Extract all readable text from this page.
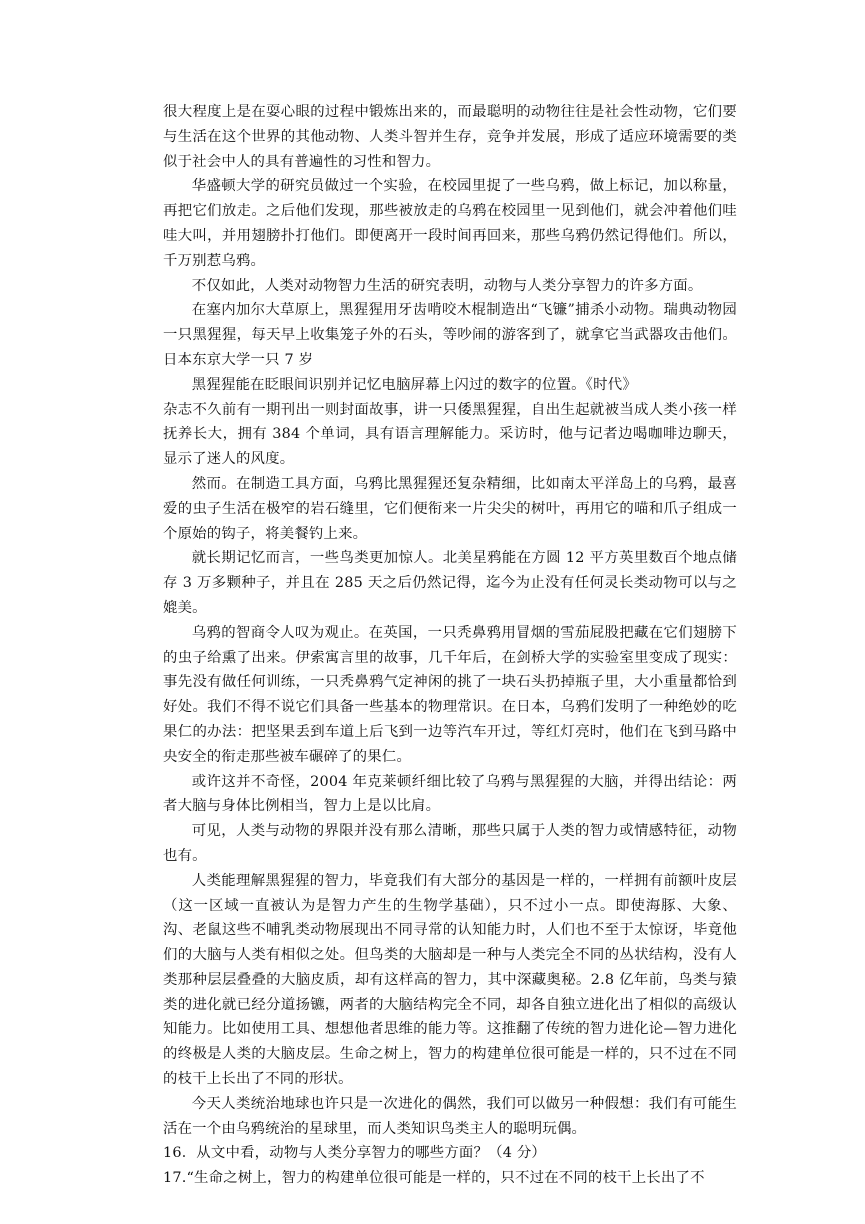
很大程度上是在耍心眼的过程中锻炼出来的，而最聪明的动物往往是社会性动物，它们要与生活在这个世界的其他动物、人类斗智并生存，竞争并发展，形成了适应环境需要的类似于社会中人的具有普遍性的习性和智力。

华盛顿大学的研究员做过一个实验，在校园里捉了一些乌鸦，做上标记，加以称量，再把它们放走。之后他们发现，那些被放走的乌鸦在校园里一见到他们，就会冲着他们哇哇大叫，并用翅膀扑打他们。即便离开一段时间再回来，那些乌鸦仍然记得他们。所以，千万别惹乌鸦。

不仅如此，人类对动物智力生活的研究表明，动物与人类分享智力的许多方面。

在塞内加尔大草原上，黑猩猩用牙齿啃咬木棍制造出“飞镰”捕杀小动物。瑞典动物园一只黑猩猩，每天早上收集笼子外的石头，等吵闹的游客到了，就拿它当武器攻击他们。日本东京大学一只 7 岁

黑猩猩能在眨眼间识别并记忆电脑屏幕上闪过的数字的位置。《时代》

杂志不久前有一期刊出一则封面故事，讲一只倭黑猩猩，自出生起就被当成人类小孩一样抚养长大，拥有 384 个单词，具有语言理解能力。采访时，他与记者边喝咖啡边聊天，显示了迷人的风度。

然而。在制造工具方面，乌鸦比黑猩猩还复杂精细，比如南太平洋岛上的乌鸦，最喜爱的虫子生活在极窄的岩石缝里，它们便衔来一片尖尖的树叶，再用它的喵和爪子组成一个原始的钩子，将美餐钓上来。

就长期记忆而言，一些鸟类更加惊人。北美星鸦能在方圆 12 平方英里数百个地点储存 3 万多颗种子，并且在 285 天之后仍然记得，迄今为止没有任何灵长类动物可以与之媲美。

乌鸦的智商令人叹为观止。在英国，一只秃鼻鸦用冒烟的雪茄屁股把藏在它们翅膀下的虫子给熏了出来。伊索寓言里的故事，几千年后，在剑桥大学的实验室里变成了现实：事先没有做任何训练，一只秃鼻鸦气定神闲的挑了一块石头扔掉瓶子里，大小重量都恰到好处。我们不得不说它们具备一些基本的物理常识。在日本，乌鸦们发明了一种绝妙的吃果仁的办法：把坚果丢到车道上后飞到一边等汽车开过，等红灯亮时，他们在飞到马路中央安全的衔走那些被车碾碎了的果仁。

或许这并不奇怪，2004 年克莱顿纤细比较了乌鸦与黑猩猩的大脑，并得出结论：两者大脑与身体比例相当，智力上是以比肩。

可见，人类与动物的界限并没有那么清晰，那些只属于人类的智力或情感特征，动物也有。

人类能理解黑猩猩的智力，毕竟我们有大部分的基因是一样的，一样拥有前额叶皮层（这一区域一直被认为是智力产生的生物学基础），只不过小一点。即使海豚、大象、沟、老鼠这些不哺乳类动物展现出不同寻常的认知能力时，人们也不至于太惊讶，毕竟他们的大脑与人类有相似之处。但鸟类的大脑却是一种与人类完全不同的丛状结构，没有人类那种层层叠叠的大脑皮质，却有这样高的智力，其中深藏奥秘。2.8 亿年前，鸟类与猿类的进化就已经分道扬镳，两者的大脑结构完全不同，却各自独立进化出了相似的高级认知能力。比如使用工具、想想他者思维的能力等。这推翻了传统的智力进化论—智力进化的终极是人类的大脑皮层。生命之树上，智力的构建单位很可能是一样的，只不过在不同的枝干上长出了不同的形状。

今天人类统治地球也许只是一次进化的偶然，我们可以做另一种假想：我们有可能生活在一个由乌鸦统治的星球里，而人类知识鸟类主人的聪明玩偶。

16．从文中看，动物与人类分享智力的哪些方面？（4 分）

17.“生命之树上，智力的构建单位很可能是一样的，只不过在不同的枝干上长出了不
